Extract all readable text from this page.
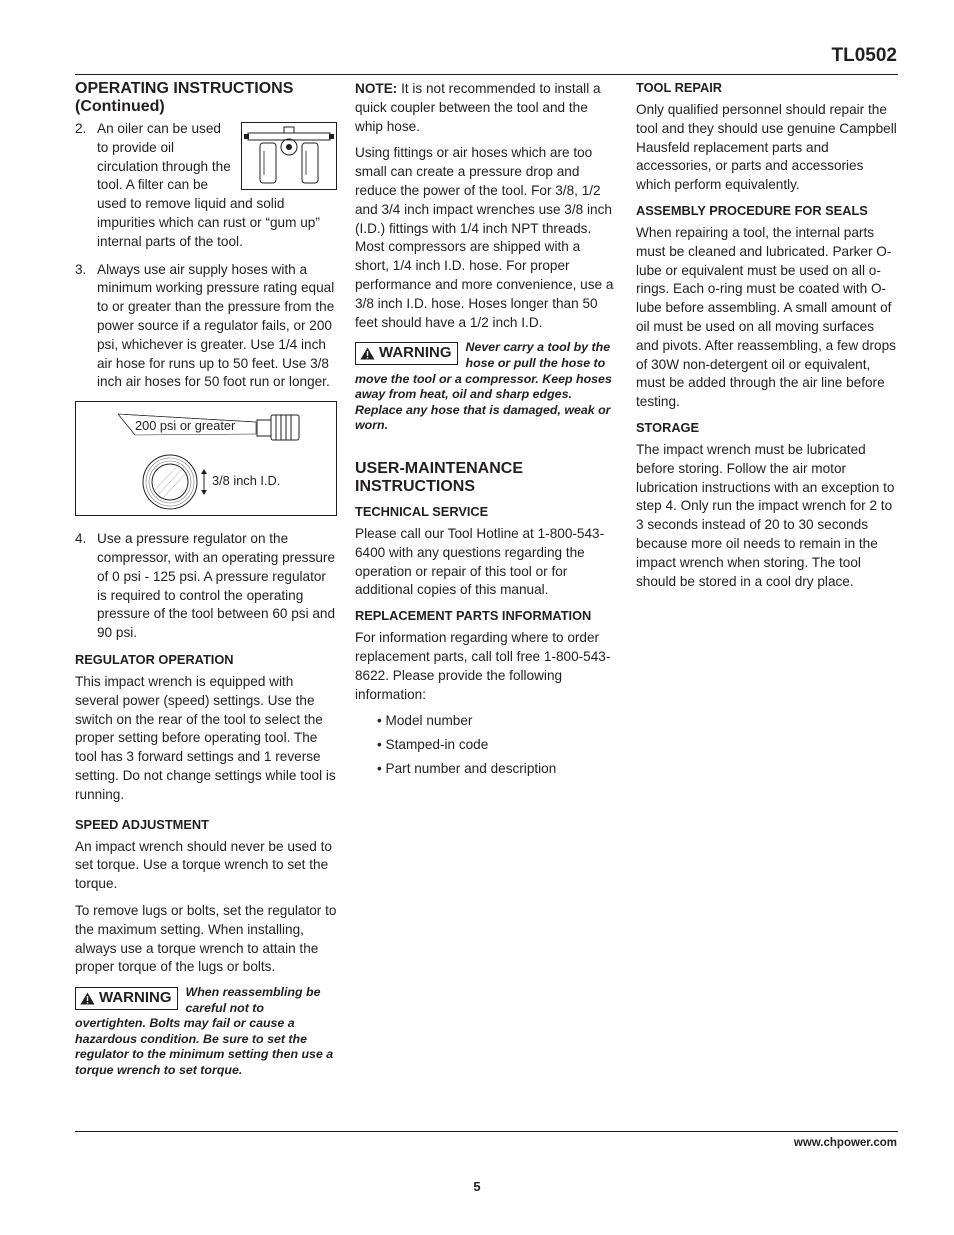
TL0502
OPERATING INSTRUCTIONS
(Continued)
2. An oiler can be used to provide oil circulation through the tool. A filter can be used to remove liquid and solid impurities which can rust or “gum up” internal parts of the tool.
3. Always use air supply hoses with a minimum working pressure rating equal to or greater than the pressure from the power source if a regulator fails, or 200 psi, whichever is greater. Use 1/4 inch air hose for runs up to 50 feet. Use 3/8 inch air hoses for 50 foot run or longer.
200 psi or greater
3/8 inch I.D.
4. Use a pressure regulator on the compressor, with an operating pressure of 0 psi - 125 psi. A pressure regulator is required to control the operating pressure of the tool between 60 psi and 90 psi.
REGULATOR OPERATION

This impact wrench is equipped with several power (speed) settings. Use the switch on the rear of the tool to select the proper setting before operating tool. The tool has 3 forward settings and 1 reverse setting. Do not change settings while tool is running.

SPEED ADJUSTMENT

An impact wrench should never be used to set torque. Use a torque wrench to set the torque.

To remove lugs or bolts, set the regulator to the maximum setting. When installing, always use a torque wrench to attain the proper torque of the lugs or bolts.

WARNING When reassembling be careful not to overtighten. Bolts may fail or cause a hazardous condition. Be sure to set the regulator to the minimum setting then use a torque wrench to set torque.

NOTE: It is not recommended to install a quick coupler between the tool and the whip hose.

Using fittings or air hoses which are too small can create a pressure drop and reduce the power of the tool. For 3/8, 1/2 and 3/4 inch impact wrenches use 3/8 inch (I.D.) fittings with 1/4 inch NPT threads. Most compressors are shipped with a short, 1/4 inch I.D. hose. For proper performance and more convenience, use a 3/8 inch I.D. hose. Hoses longer than 50 feet should have a 1/2 inch I.D.

WARNING Never carry a tool by the hose or pull the hose to move the tool or a compressor. Keep hoses away from heat, oil and sharp edges. Replace any hose that is damaged, weak or worn.
USER-MAINTENANCE
INSTRUCTIONS
TECHNICAL SERVICE

Please call our Tool Hotline at 1-800-543-6400 with any questions regarding the operation or repair of this tool or for additional copies of this manual.

REPLACEMENT PARTS INFORMATION

For information regarding where to order replacement parts, call toll free 1-800-543-8622. Please provide the following information:

• Model number
• Stamped-in code
• Part number and description
TOOL REPAIR

Only qualified personnel should repair the tool and they should use genuine Campbell Hausfeld replacement parts and accessories, or parts and accessories which perform equivalently.

ASSEMBLY PROCEDURE FOR SEALS

When repairing a tool, the internal parts must be cleaned and lubricated. Parker O-lube or equivalent must be used on all o-rings. Each o-ring must be coated with O-lube before assembling. A small amount of oil must be used on all moving surfaces and pivots. After reassembling, a few drops of 30W non-detergent oil or equivalent, must be added through the air line before testing.

STORAGE

The impact wrench must be lubricated before storing. Follow the air motor lubrication instructions with an exception to step 4. Only run the impact wrench for 2 to 3 seconds instead of 20 to 30 seconds because more oil needs to remain in the impact wrench when storing. The tool should be stored in a cool dry place.

www.chpower.com
5
